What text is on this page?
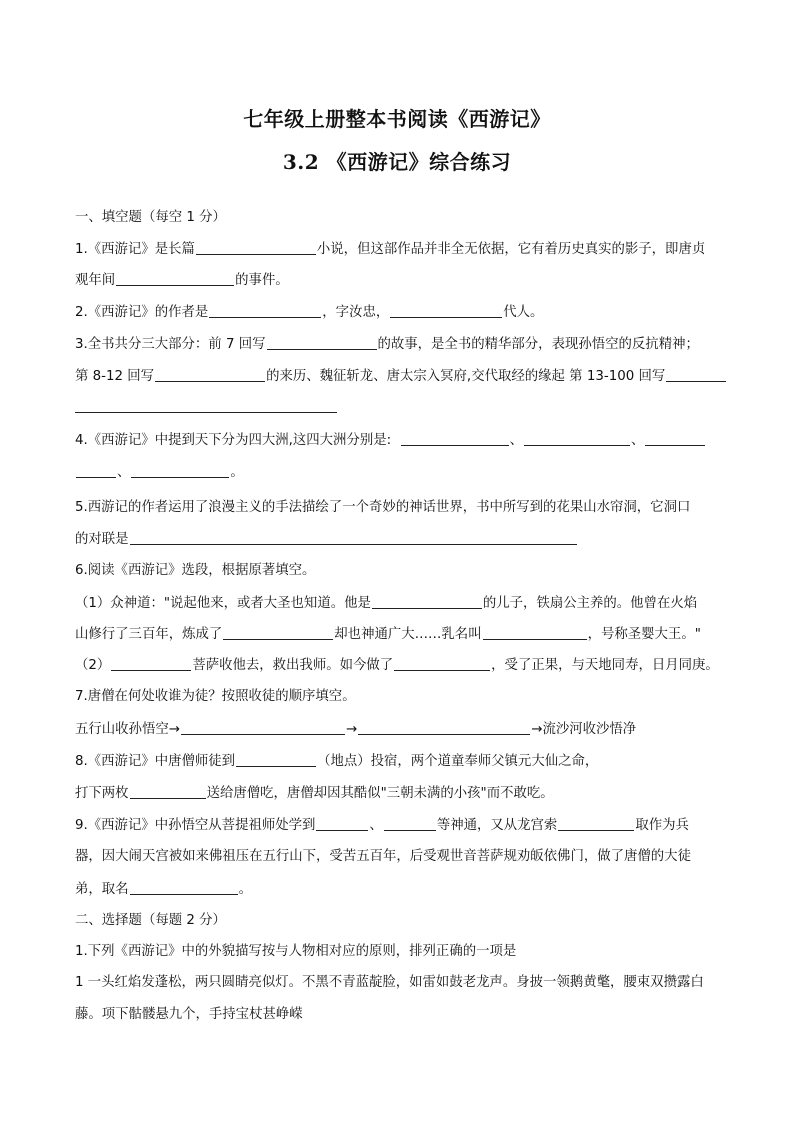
七年级上册整本书阅读《西游记》
3.2 《西游记》综合练习
一、填空题（每空 1 分）
1.《西游记》是长篇	小说，但这部作品并非全无依据，它有着历史真实的影子，即唐贞
观年间	的事件。
2.《西游记》的作者是	，字汝忠，	代人。
3.全书共分三大部分：前 7 回写	的故事，是全书的精华部分，表现孙悟空的反抗精神；
第 8-12 回写	的来历、魏征斩龙、唐太宗入冥府,交代取经的缘起 第 13-100 回写
4.《西游记》中提到天下分为四大洲,这四大洲分别是:	、	、
、	。
5.西游记的作者运用了浪漫主义的手法描绘了一个奇妙的神话世界，书中所写到的花果山水帘洞，它洞口
的对联是
6.阅读《西游记》选段，根据原著填空。
（1）众神道："说起他来，或者大圣也知道。他是	的儿子，铁扇公主养的。他曾在火焰
山修行了三百年，炼成了	却也神通广大……乳名叫	，号称圣婴大王。"
（2）	菩萨收他去，救出我师。如今做了	，受了正果，与天地同寿，日月同庚。
7.唐僧在何处收谁为徒？按照收徒的顺序填空。
五行山收孙悟空→	→	→流沙河收沙悟净
8.《西游记》中唐僧师徒到	（地点）投宿，两个道童奉师父镇元大仙之命，
打下两枚	送给唐僧吃，唐僧却因其酷似"三朝未满的小孩"而不敢吃。
9.《西游记》中孙悟空从菩提祖师处学到	、	等神通，又从龙宫索	取作为兵
器，因大闹天宫被如来佛祖压在五行山下，受苦五百年，后受观世音菩萨规劝皈依佛门，做了唐僧的大徒
弟，取名	。
二、选择题（每题 2 分）
1.下列《西游记》中的外貌描写按与人物相对应的原则，排列正确的一项是
1 一头红焰发蓬松，两只圆睛亮似灯。不黑不青蓝靛脸，如雷如鼓老龙声。身披一领鹅黄氅，腰束双攒露白
藤。项下骷髅悬九个，手持宝杖甚峥嵘
